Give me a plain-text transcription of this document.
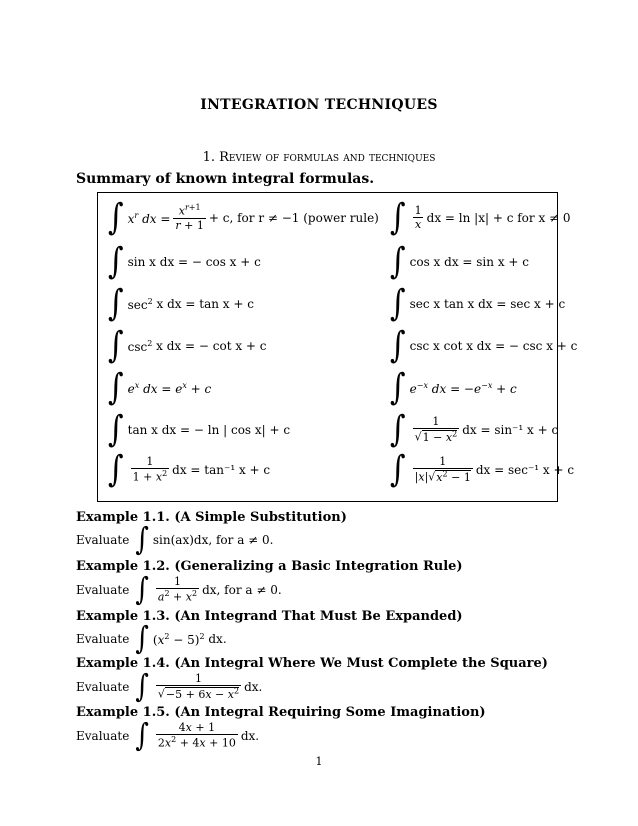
INTEGRATION TECHNIQUES
1. Review of formulas and techniques
Summary of known integral formulas.
∫ $x^r$ dx = $\frac{x^{r+1}}{r + 1} + c$, for r ≠ −1 (power rule)
∫ sin x dx = − cos x + c
∫ $\sec^2 x$ dx = tan x + c
∫ $\csc^2 x$ dx = − cot x + c
∫ $e^x$ dx = $e^x + c$
∫ tan x dx = − ln | cos x| + c
∫ $\frac{1}{1 + x^2}$ dx = tan⁻¹ x + c
∫ $\frac{1}{x}$ dx = ln |x| + c for x ≠ 0
∫ cos x dx = sin x + c
∫ sec x tan x dx = sec x + c
∫ csc x cot x dx = − csc x + c
∫ $e^{-x}$ dx = $-e^{-x} + c$
∫ $\frac{1}{√1 - x^2}$ dx = sin⁻¹ x + c
∫ $\frac{1}{|x|√x^2 - 1}$ dx = sec⁻¹ x + c
Example 1.1. (A Simple Substitution)
Evaluate ∫ sin(ax)dx, for a ≠ 0.
Example 1.2. (Generalizing a Basic Integration Rule)
Evaluate ∫ $\frac{1}{a^2 + x^2}$ dx, for a ≠ 0.
Example 1.3. (An Integrand That Must Be Expanded)
Evaluate ∫ $(x^2 - 5)^2$ dx.
Example 1.4. (An Integral Where We Must Complete the Square)
Evaluate ∫ $\frac{1}{√-5 + 6x - x^2}$ dx.
Example 1.5. (An Integral Requiring Some Imagination)
Evaluate ∫ $\frac{4x + 1}{2x^2 + 4x + 10}$ dx.
1
